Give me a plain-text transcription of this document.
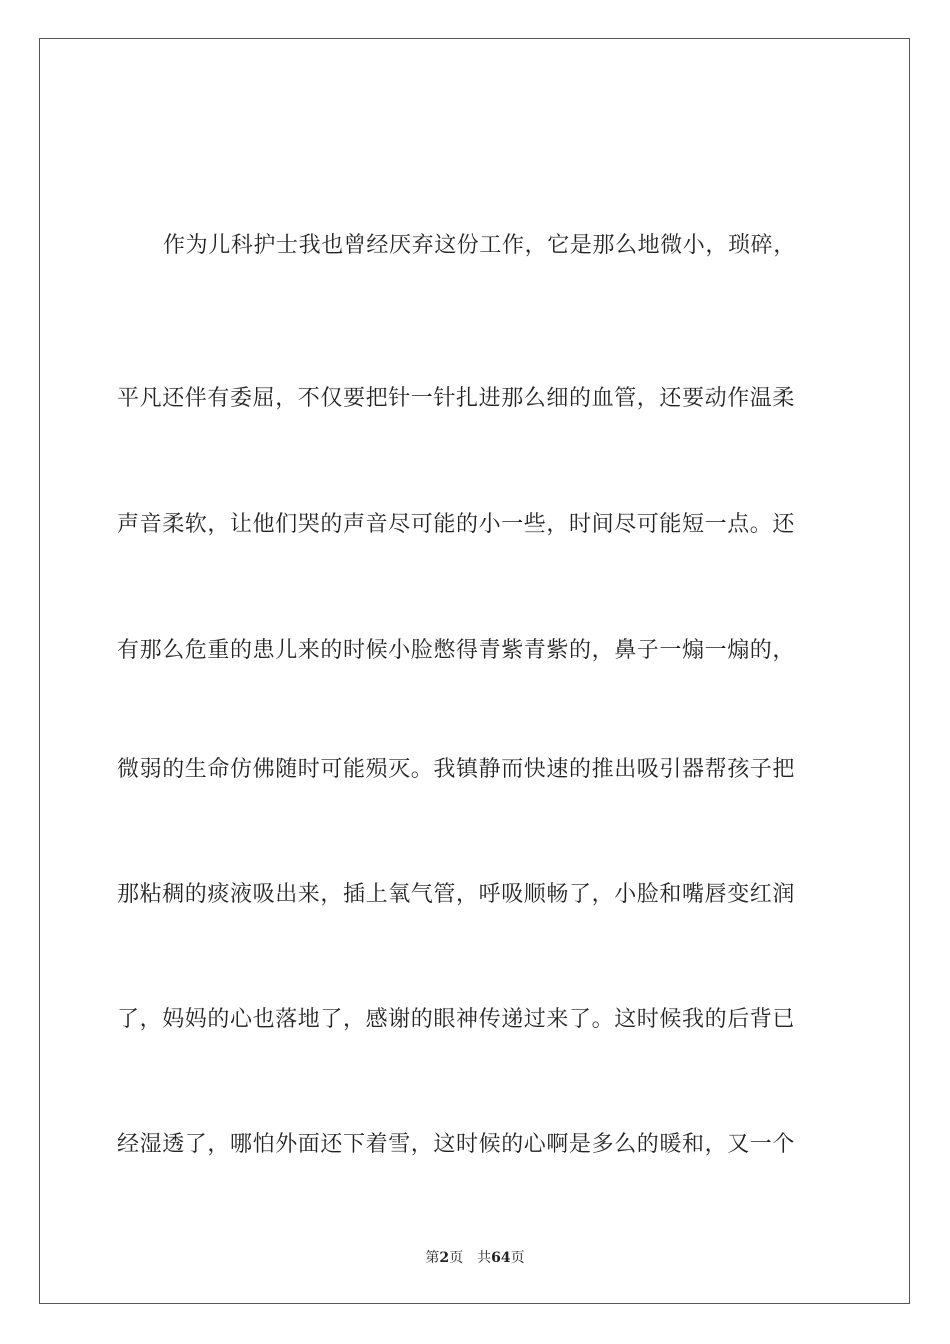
作为儿科护士我也曾经厌弃这份工作，它是那么地微小，琐碎，
平凡还伴有委屈，不仅要把针一针扎进那么细的血管，还要动作温柔
声音柔软，让他们哭的声音尽可能的小一些，时间尽可能短一点。还
有那么危重的患儿来的时候小脸憋得青紫青紫的，鼻子一煽一煽的，
微弱的生命仿佛随时可能殒灭。我镇静而快速的推出吸引器帮孩子把
那粘稠的痰液吸出来，插上氧气管，呼吸顺畅了，小脸和嘴唇变红润
了，妈妈的心也落地了，感谢的眼神传递过来了。这时候我的后背已
经湿透了，哪怕外面还下着雪，这时候的心啊是多么的暖和，又一个
第2页 共64页
